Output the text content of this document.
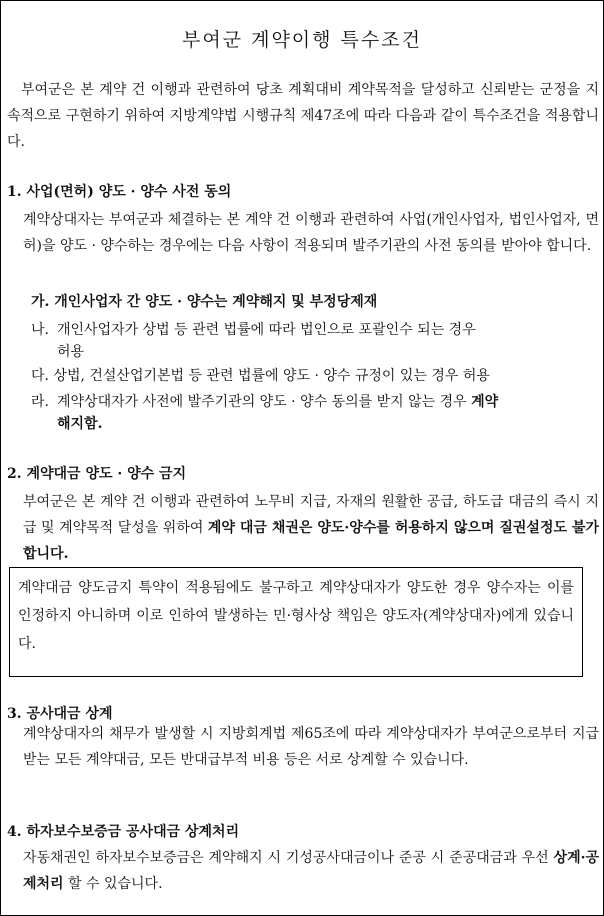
부여군 계약이행 특수조건
부여군은 본 계약 건 이행과 관련하여 당초 계획대비 계약목적을 달성하고 신뢰받는 군정을 지속적으로 구현하기 위하여 지방계약법 시행규칙 제47조에 따라 다음과 같이 특수조건을 적용합니다.
1. 사업(면허) 양도 · 양수 사전 동의
계약상대자는 부여군과 체결하는 본 계약 건 이행과 관련하여 사업(개인사업자, 법인사업자, 면허)을 양도 · 양수하는 경우에는 다음 사항이 적용되며 발주기관의 사전 동의를 받아야 합니다.
가. 개인사업자 간 양도 · 양수는 계약해지 및 부정당제재
나. 개인사업자가 상법 등 관련 법률에 따라 법인으로 포괄인수 되는 경우
허용
다. 상법, 건설산업기본법 등 관련 법률에 양도 · 양수 규정이 있는 경우 허용
라. 계약상대자가 사전에 발주기관의 양도 · 양수 동의를 받지 않는 경우 계약
해지함.
2. 계약대금 양도 · 양수 금지
부여군은 본 계약 건 이행과 관련하여 노무비 지급, 자재의 원활한 공급, 하도급 대금의 즉시 지급 및 계약목적 달성을 위하여 계약 대금 채권은 양도·양수를 허용하지 않으며 질권설정도 불가합니다.
계약대금 양도금지 특약이 적용됨에도 불구하고 계약상대자가 양도한 경우 양수자는 이를 인정하지 아니하며 이로 인하여 발생하는 민·형사상 책임은 양도자(계약상대자)에게 있습니다.
3. 공사대금 상계
계약상대자의 채무가 발생할 시 지방회계법 제65조에 따라 계약상대자가 부여군으로부터 지급 받는 모든 계약대금, 모든 반대급부적 비용 등은 서로 상계할 수 있습니다.
4. 하자보수보증금 공사대금 상계처리
자동채권인 하자보수보증금은 계약해지 시 기성공사대금이나 준공 시 준공대금과 우선 상계·공제처리 할 수 있습니다.
